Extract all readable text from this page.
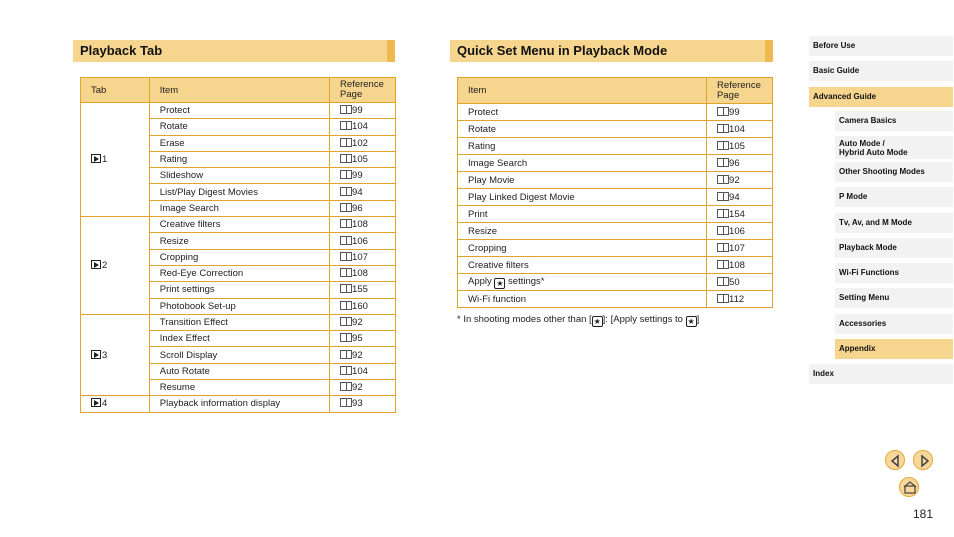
Playback Tab
Tab	Item	Reference Page
1	Protect	99
	Rotate	104
	Erase	102
	Rating	105
	Slideshow	99
	List/Play Digest Movies	94
	Image Search	96
2	Creative filters	108
	Resize	106
	Cropping	107
	Red-Eye Correction	108
	Print settings	155
	Photobook Set-up	160
3	Transition Effect	92
	Index Effect	95
	Scroll Display	92
	Auto Rotate	104
	Resume	92
4	Playback information display	93
Quick Set Menu in Playback Mode
Item	Reference Page
Protect	99
Rotate	104
Rating	105
Image Search	96
Play Movie	92
Play Linked Digest Movie	94
Print	154
Resize	106
Cropping	107
Creative filters	108
Apply ★ settings*	50
Wi-Fi function	112
* In shooting modes other than [ ★ ]: [Apply settings to ★ ]
Before Use
Basic Guide
Advanced Guide
Camera Basics
Auto Mode /
Hybrid Auto Mode
Other Shooting Modes
P Mode
Tv, Av, and M Mode
Playback Mode
Wi-Fi Functions
Setting Menu
Accessories
Appendix
Index
181
